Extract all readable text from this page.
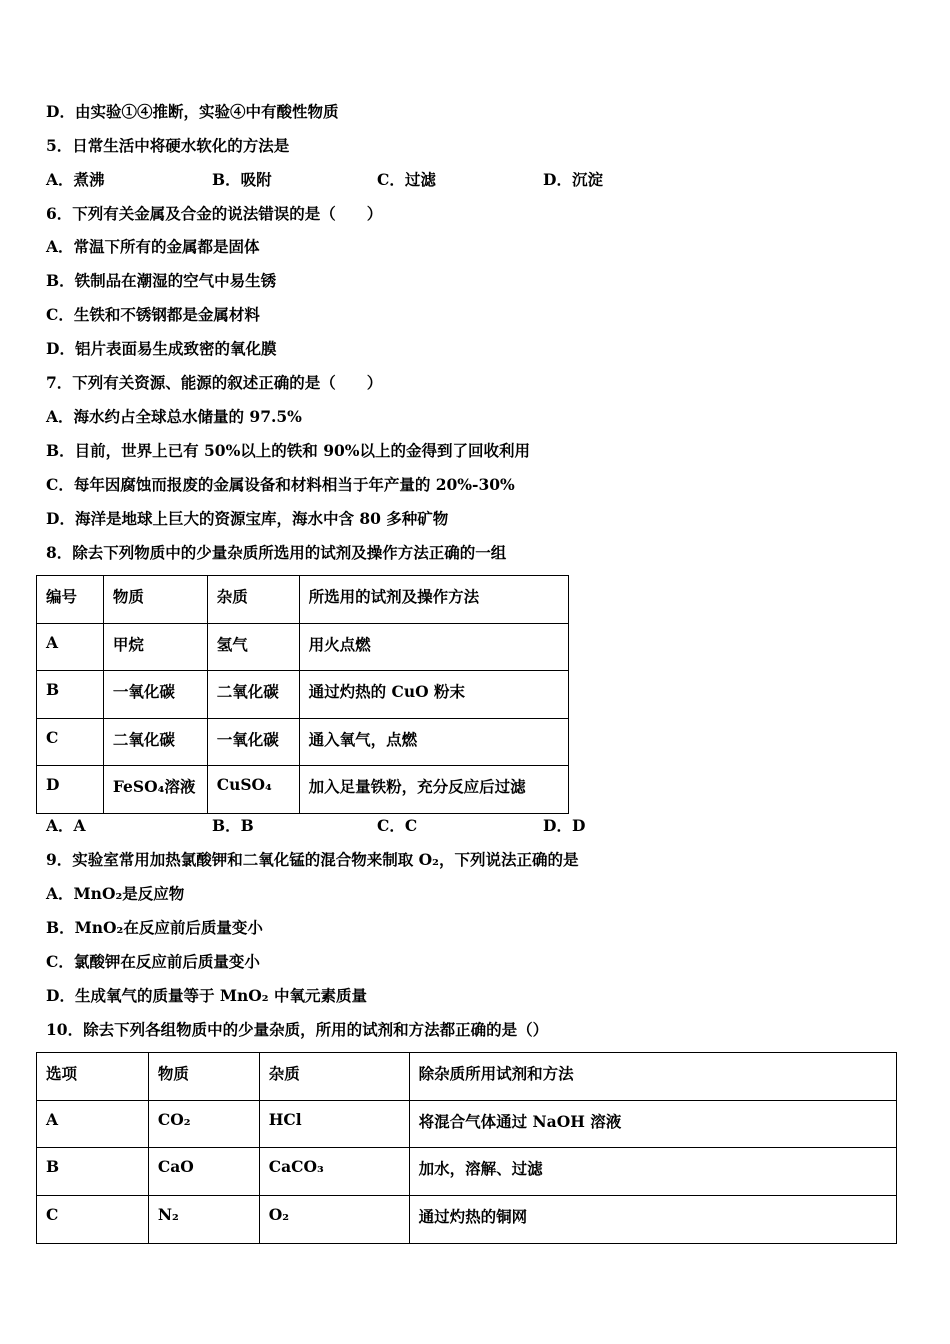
D．由实验①④推断，实验④中有酸性物质
5．日常生活中将硬水软化的方法是
A．煮沸	B．吸附	C．过滤	D．沉淀
6．下列有关金属及合金的说法错误的是（　　）
A．常温下所有的金属都是固体
B．铁制品在潮湿的空气中易生锈
C．生铁和不锈钢都是金属材料
D．铝片表面易生成致密的氧化膜
7．下列有关资源、能源的叙述正确的是（　　）
A．海水约占全球总水储量的 97.5%
B．目前，世界上已有 50%以上的铁和 90%以上的金得到了回收利用
C．每年因腐蚀而报废的金属设备和材料相当于年产量的 20%-30%
D．海洋是地球上巨大的资源宝库，海水中含 80 多种矿物
8．除去下列物质中的少量杂质所选用的试剂及操作方法正确的一组
编号	物质	杂质	所选用的试剂及操作方法
A	甲烷	氢气	用火点燃
B	一氧化碳	二氧化碳	通过灼热的 CuO 粉末
C	二氧化碳	一氧化碳	通入氧气，点燃
D	FeSO₄溶液	CuSO₄	加入足量铁粉，充分反应后过滤
A．A	B．B	C．C	D．D
9．实验室常用加热氯酸钾和二氧化锰的混合物来制取 O₂，下列说法正确的是
A．MnO₂是反应物
B．MnO₂在反应前后质量变小
C．氯酸钾在反应前后质量变小
D．生成氧气的质量等于 MnO₂ 中氧元素质量
10．除去下列各组物质中的少量杂质，所用的试剂和方法都正确的是（）
选项	物质	杂质	除杂质所用试剂和方法
A	CO₂	HCl	将混合气体通过 NaOH 溶液
B	CaO	CaCO₃	加水，溶解、过滤
C	N₂	O₂	通过灼热的铜网
